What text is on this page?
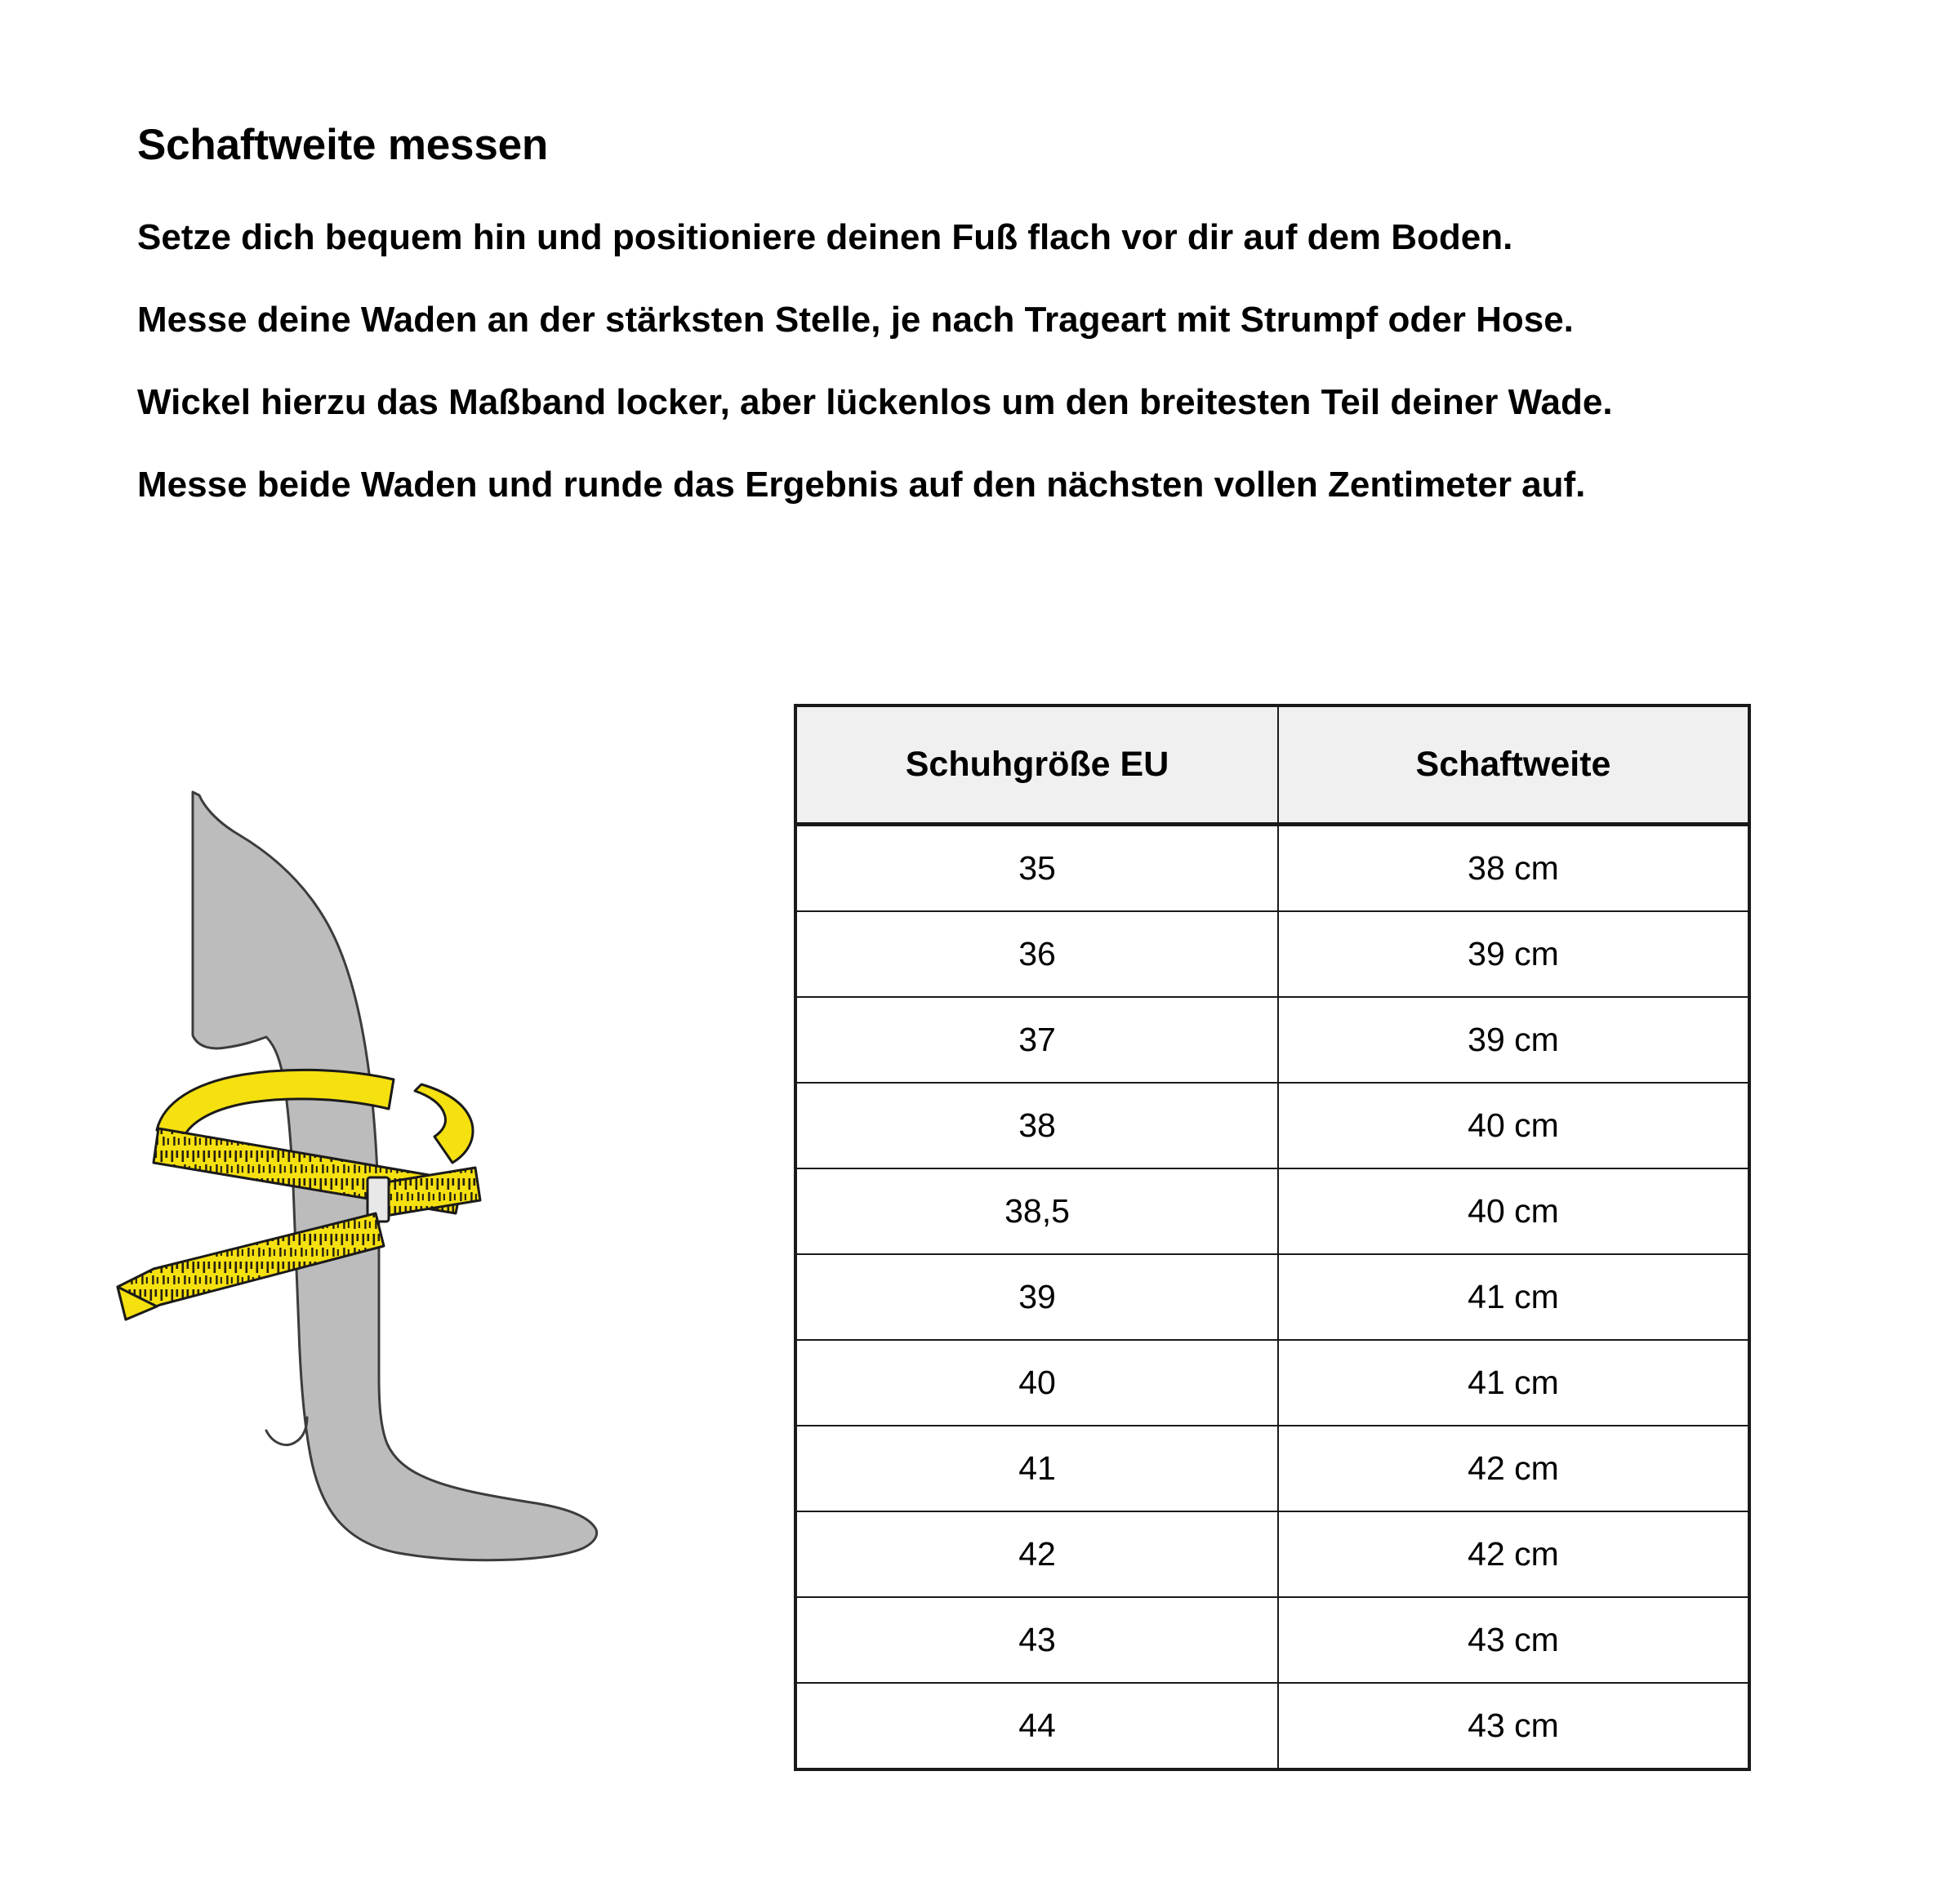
Schaftweite messen

Setze dich bequem hin und positioniere deinen Fuß flach vor dir auf dem Boden.

Messe deine Waden an der stärksten Stelle, je nach Trageart mit Strumpf oder Hose.

Wickel hierzu das Maßband locker, aber lückenlos um den breitesten Teil deiner Wade.

Messe beide Waden und runde das Ergebnis auf den nächsten vollen Zentimeter auf.

Schuhgröße EU	Schaftweite
35	38 cm
36	39 cm
37	39 cm
38	40 cm
38,5	40 cm
39	41 cm
40	41 cm
41	42 cm
42	42 cm
43	43 cm
44	43 cm
